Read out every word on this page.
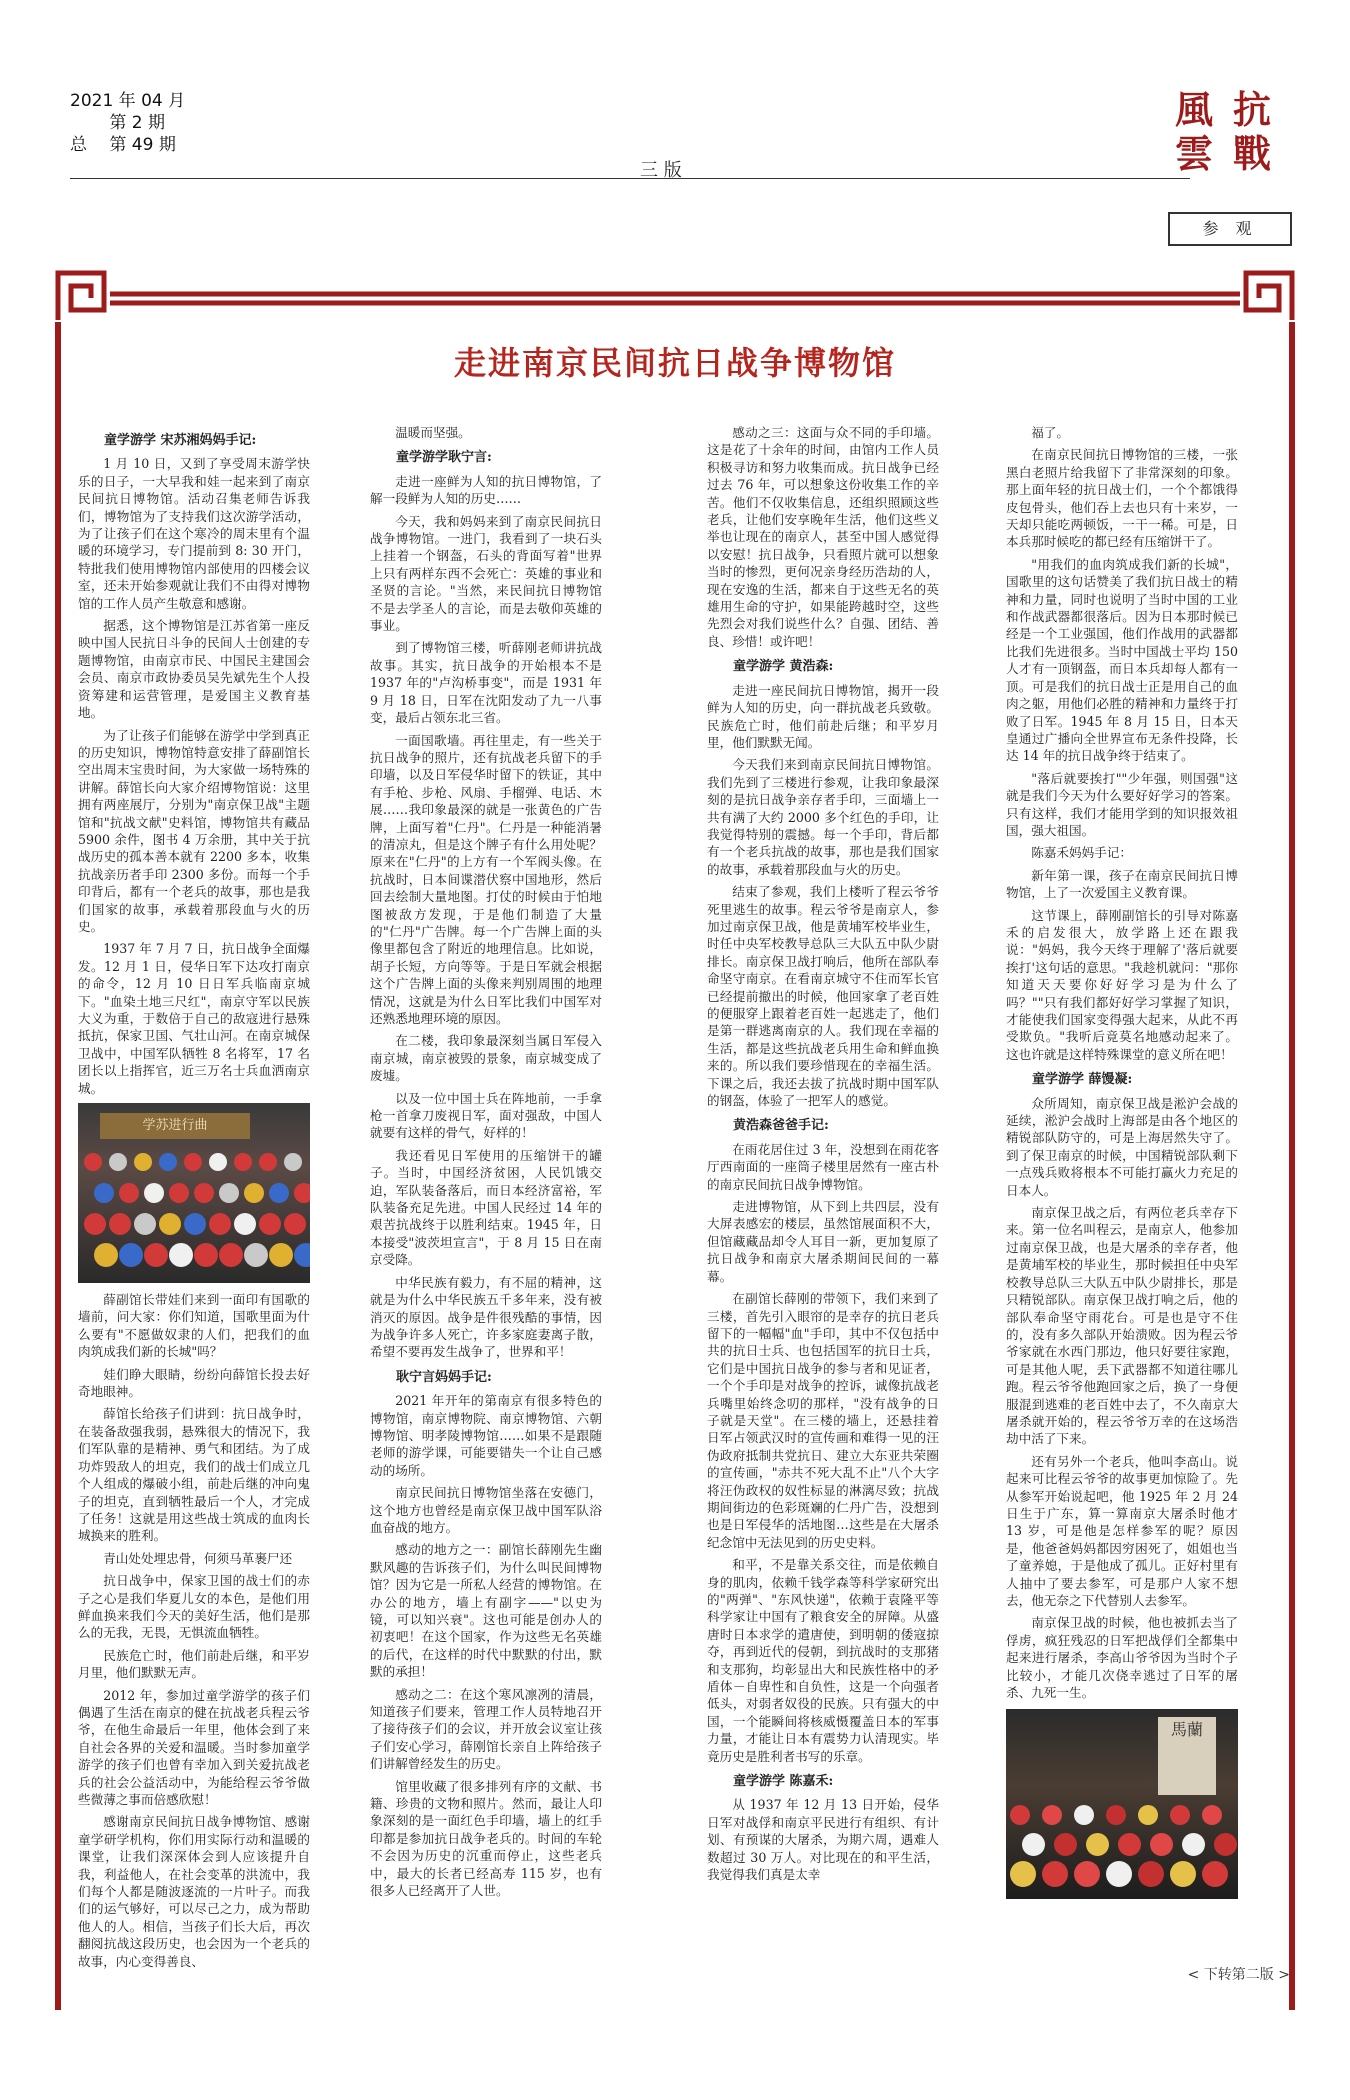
2021 年 04 月
　　 第 2 期
总　 第 49 期
三 版
抗
風
戰
雲
参 观
走进南京民间抗日战争博物馆
童学游学 宋苏湘妈妈手记:

1 月 10 日，又到了享受周末游学快乐的日子，一大早我和娃一起来到了南京民间抗日博物馆。活动召集老师告诉我们，博物馆为了支持我们这次游学活动，为了让孩子们在这个寒冷的周末里有个温暖的环境学习，专门提前到 8: 30 开门，特批我们使用博物馆内部使用的四楼会议室，还未开始参观就让我们不由得对博物馆的工作人员产生敬意和感谢。

据悉，这个博物馆是江苏省第一座反映中国人民抗日斗争的民间人士创建的专题博物馆，由南京市民、中国民主建国会会员、南京市政协委员吴先斌先生个人投资筹建和运营管理，是爱国主义教育基地。

为了让孩子们能够在游学中学到真正的历史知识，博物馆特意安排了薛副馆长空出周末宝贵时间，为大家做一场特殊的讲解。薛馆长向大家介绍博物馆说：这里拥有两座展厅，分别为"南京保卫战"主题馆和"抗战文献"史料馆，博物馆共有藏品 5900 余件，图书 4 万余册，其中关于抗战历史的孤本善本就有 2200 多本，收集抗战亲历者手印 2300 多份。而每一个手印背后，都有一个老兵的故事，那也是我们国家的故事，承载着那段血与火的历史。

1937 年 7 月 7 日，抗日战争全面爆发。12 月 1 日，侵华日军下达攻打南京的命令，12 月 10 日日军兵临南京城下。"血染土地三尺红"，南京守军以民族大义为重，于数倍于自己的敌寇进行悬殊抵抗，保家卫国、气壮山河。在南京城保卫战中，中国军队牺牲 8 名将军，17 名团长以上指挥官，近三万名士兵血洒南京城。

学苏进行曲

薛副馆长带娃们来到一面印有国歌的墙前，问大家：你们知道，国歌里面为什么要有"不愿做奴隶的人们，把我们的血肉筑成我们新的长城"吗？

娃们睁大眼睛，纷纷向薛馆长投去好奇地眼神。

薛馆长给孩子们讲到：抗日战争时，在装备敌强我弱，悬殊很大的情况下，我们军队靠的是精神、勇气和团结。为了成功炸毁敌人的坦克，我们的战士们成立几个人组成的爆破小组，前赴后继的冲向鬼子的坦克，直到牺牲最后一个人，才完成了任务！这就是用这些战士筑成的血肉长城换来的胜利。

青山处处埋忠骨，何须马革裹尸还

抗日战争中，保家卫国的战士们的赤子之心是我们华夏儿女的本色，是他们用鲜血换来我们今天的美好生活，他们是那么的无我，无畏，无惧流血牺牲。

民族危亡时，他们前赴后继，和平岁月里，他们默默无声。

2012 年，参加过童学游学的孩子们偶遇了生活在南京的健在抗战老兵程云爷爷，在他生命最后一年里，他体会到了来自社会各界的关爱和温暖。当时参加童学游学的孩子们也曾有幸加入到关爱抗战老兵的社会公益活动中，为能给程云爷爷做些微薄之事而倍感欣慰！

感谢南京民间抗日战争博物馆、感谢童学研学机构，你们用实际行动和温暖的课堂，让我们深深体会到人应该提升自我，利益他人，在社会变革的洪流中，我们每个人都是随波逐流的一片叶子。而我们的运气够好，可以尽己之力，成为帮助他人的人。相信，当孩子们长大后，再次翻阅抗战这段历史，也会因为一个老兵的故事，内心变得善良、

温暖而坚强。

童学游学耿宁言:

走进一座鲜为人知的抗日博物馆，了解一段鲜为人知的历史……

今天，我和妈妈来到了南京民间抗日战争博物馆。一进门，我看到了一块石头上挂着一个钢盔，石头的背面写着"世界上只有两样东西不会死亡：英雄的事业和圣贤的言论。"当然，来民间抗日博物馆不是去学圣人的言论，而是去敬仰英雄的事业。

到了博物馆三楼，听薛刚老师讲抗战故事。其实，抗日战争的开始根本不是 1937 年的"卢沟桥事变"，而是 1931 年 9 月 18 日，日军在沈阳发动了九一八事变，最后占领东北三省。

一面国歌墙。再往里走，有一些关于抗日战争的照片，还有抗战老兵留下的手印墙，以及日军侵华时留下的铁证，其中有手枪、步枪、风扇、手榴弹、电话、木展……我印象最深的就是一张黄色的广告牌，上面写着"仁丹"。仁丹是一种能消暑的清凉丸，但是这个牌子有什么用处呢？原来在"仁丹"的上方有一个军阀头像。在抗战时，日本间谍潜伏察中国地形，然后回去绘制大量地图。打仗的时候由于怕地图被敌方发现，于是他们制造了大量的"仁丹"广告牌。每一个广告牌上面的头像里都包含了附近的地理信息。比如说，胡子长短，方向等等。于是日军就会根据这个广告牌上面的头像来判别周围的地理情况，这就是为什么日军比我们中国军对还熟悉地理环境的原因。

在二楼，我印象最深刻当属日军侵入南京城，南京被毁的景象，南京城变成了废墟。

以及一位中国士兵在阵地前，一手拿枪一首拿刀废视日军，面对强敌，中国人就要有这样的骨气，好样的！

我还看见日军使用的压缩饼干的罐子。当时，中国经济贫困，人民饥饿交迫，军队装备落后，而日本经济富裕，军队装备充足先进。中国人民经过 14 年的艰苦抗战终于以胜利结束。1945 年，日本接受"波茨坦宣言"，于 8 月 15 日在南京受降。

中华民族有毅力，有不屈的精神，这就是为什么中华民族五千多年来，没有被消灭的原因。战争是件很残酷的事情，因为战争许多人死亡，许多家庭妻离子散，希望不要再发生战争了，世界和平！

耿宁言妈妈手记:

2021 年开年的第南京有很多特色的博物馆，南京博物院、南京博物馆、六朝博物馆、明孝陵博物馆……如果不是跟随老师的游学课，可能要错失一个让自己感动的场所。

南京民间抗日博物馆坐落在安德门，这个地方也曾经是南京保卫战中国军队浴血奋战的地方。

感动的地方之一：副馆长薛刚先生幽默风趣的告诉孩子们，为什么叫民间博物馆？因为它是一所私人经营的博物馆。在办公的地方，墙上有副字——"以史为镜，可以知兴衰"。这也可能是创办人的初衷吧！在这个国家，作为这些无名英雄的后代，在这样的时代中默默的付出，默默的承担！

感动之二：在这个寒风凛冽的清晨，知道孩子们要来，管理工作人员特地召开了接待孩子们的会议，并开放会议室让孩子们安心学习，薛刚馆长亲自上阵给孩子们讲解曾经发生的历史。

馆里收藏了很多排列有序的文献、书籍、珍贵的文物和照片。然而，最让人印象深刻的是一面红色手印墙，墙上的红手印都是参加抗日战争老兵的。时间的车轮不会因为历史的沉重而停止，这些老兵中，最大的长者已经高寿 115 岁，也有很多人已经离开了人世。

感动之三：这面与众不同的手印墙。这是花了十余年的时间，由馆内工作人员积极寻访和努力收集而成。抗日战争已经过去 76 年，可以想象这份收集工作的辛苦。他们不仅收集信息，还组织照顾这些老兵，让他们安享晚年生活，他们这些义举也让现在的南京人，甚至中国人感觉得以安慰！抗日战争，只看照片就可以想象当时的惨烈，更何况亲身经历浩劫的人，现在安逸的生活，都来自于这些无名的英雄用生命的守护，如果能跨越时空，这些先烈会对我们说些什么？自强、团结、善良、珍惜！或许吧！

童学游学 黄浩森:

走进一座民间抗日博物馆，揭开一段鲜为人知的历史，向一群抗战老兵致敬。民族危亡时，他们前赴后继；和平岁月里，他们默默无闻。

今天我们来到南京民间抗日博物馆。我们先到了三楼进行参观，让我印象最深刻的是抗日战争亲存者手印，三面墙上一共有满了大约 2000 多个红色的手印，让我觉得特别的震撼。每一个手印，背后都有一个老兵抗战的故事，那也是我们国家的故事，承载着那段血与火的历史。

结束了参观，我们上楼听了程云爷爷死里逃生的故事。程云爷爷是南京人，参加过南京保卫战，他是黄埔军校毕业生，时任中央军校教导总队三大队五中队少尉排长。南京保卫战打响后，他所在部队奉命坚守南京。在看南京城守不住而军长官已经提前撤出的时候，他回家拿了老百姓的便服穿上跟着老百姓一起逃走了，他们是第一群逃离南京的人。我们现在幸福的生活，都是这些抗战老兵用生命和鲜血换来的。所以我们要珍惜现在的幸福生活。下课之后，我还去拔了抗战时期中国军队的钢盔，体验了一把军人的感觉。

黄浩森爸爸手记:

在雨花居住过 3 年，没想到在雨花客厅西南面的一座筒子楼里居然有一座古朴的南京民间抗日战争博物馆。

走进博物馆，从下到上共四层，没有大屏表感宏的楼层，虽然馆展面积不大，但馆藏藏品却令人耳目一新，更加复原了抗日战争和南京大屠杀期间民间的一幕幕。

在副馆长薛刚的带领下，我们来到了三楼，首先引入眼帘的是幸存的抗日老兵留下的一幅幅"血"手印，其中不仅包括中共的抗日士兵、也包括国军的抗日士兵，它们是中国抗日战争的参与者和见证者，一个个手印是对战争的控诉，诚像抗战老兵嘴里始终念叨的那样，"没有战争的日子就是天堂"。在三楼的墙上，还悬挂着日军占领武汉时的宣传画和难得一见的汪伪政府抵制共党抗日、建立大东亚共荣圈的宣传画，"赤共不死大乱不止"八个大字将汪伪政权的奴性标显的淋漓尽致；抗战期间街边的色彩斑斓的仁丹广告，没想到也是日军侵华的活地图…这些是在大屠杀纪念馆中无法见到的历史史料。

和平，不是靠关系交往，而是依赖自身的肌肉，依赖千钱学森等科学家研究出的"两弹"、"东风快递"，依赖于袁隆平等科学家让中国有了粮食安全的屏障。从盛唐时日本求学的遣唐使，到明朝的倭寇掠夺，再到近代的侵朝，到抗战时的支那猪和支那狗，均彰显出大和民族性格中的矛盾体－自卑性和自负性，这是一个向强者低头，对弱者奴役的民族。只有强大的中国，一个能瞬间将核威慑覆盖日本的军事力量，才能让日本有震势力认清现实。毕竟历史是胜利者书写的乐章。

童学游学 陈嘉禾:

从 1937 年 12 月 13 日开始，侵华日军对战俘和南京平民进行有组织、有计划、有预谋的大屠杀，为期六周，遇难人数超过 30 万人。对比现在的和平生活，我觉得我们真是太幸

福了。

在南京民间抗日博物馆的三楼，一张黑白老照片给我留下了非常深刻的印象。那上面年轻的抗日战士们，一个个都饿得皮包骨头，他们吞上去也只有十来岁，一天却只能吃两顿饭，一干一稀。可是，日本兵那时候吃的都已经有压缩饼干了。

"用我们的血肉筑成我们新的长城"，国歌里的这句话赞美了我们抗日战士的精神和力量，同时也说明了当时中国的工业和作战武器都很落后。因为日本那时候已经是一个工业强国，他们作战用的武器都比我们先进很多。当时中国战士平均 150 人才有一顶钢盔，而日本兵却每人都有一顶。可是我们的抗日战士正是用自己的血肉之躯，用他们必胜的精神和力量终于打败了日军。1945 年 8 月 15 日，日本天皇通过广播向全世界宣布无条件投降，长达 14 年的抗日战争终于结束了。

"落后就要挨打""少年强，则国强"这就是我们今天为什么要好好学习的答案。只有这样，我们才能用学到的知识报效祖国，强大祖国。

陈嘉禾妈妈手记：

新年第一课，孩子在南京民间抗日博物馆，上了一次爱国主义教育课。

这节课上，薛刚副馆长的引导对陈嘉禾的启发很大，放学路上还在跟我说："妈妈，我今天终于理解了'落后就要挨打'这句话的意思。"我趁机就问："那你知道天天要你好好学习是为什么了吗？""只有我们都好好学习掌握了知识，才能使我们国家变得强大起来，从此不再受欺负。"我听后竟莫名地感动起来了。这也许就是这样特殊课堂的意义所在吧！

童学游学 薛馒凝:

众所周知，南京保卫战是淞沪会战的延续，淞沪会战时上海部是由各个地区的精锐部队防守的，可是上海居然失守了。到了保卫南京的时候，中国精锐部队剩下一点残兵败将根本不可能打赢火力充足的日本人。

南京保卫战之后，有两位老兵幸存下来。第一位名叫程云，是南京人，他参加过南京保卫战，也是大屠杀的幸存者，他是黄埔军校的毕业生，那时候担任中央军校教导总队三大队五中队少尉排长，那是只精锐部队。南京保卫战打响之后，他的部队奉命坚守雨花台。可是也是守不住的，没有多久部队开始溃败。因为程云爷爷家就在水西门那边，他只好要往家跑，可是其他人呢，丢下武器都不知道往哪儿跑。程云爷爷他跑回家之后，换了一身便服混到逃难的老百姓中去了，不久南京大屠杀就开始的，程云爷爷万幸的在这场浩劫中活了下来。

还有另外一个老兵，他叫李高山。说起来可比程云爷爷的故事更加惊险了。先从参军开始说起吧，他 1925 年 2 月 24 日生于广东，算一算南京大屠杀时他才 13 岁，可是他是怎样参军的呢？原因是，他爸爸妈妈都因穷困死了，姐姐也当了童养媳，于是他成了孤儿。正好村里有人抽中了要去参军，可是那户人家不想去，他无奈之下代替别人去参军。

南京保卫战的时候，他也被抓去当了俘虏，疯狂残忍的日军把战俘们全都集中起来进行屠杀，李高山爷爷因为当时个子比较小，才能几次侥幸逃过了日军的屠杀、九死一生。

馬蘭
< 下转第二版 >
